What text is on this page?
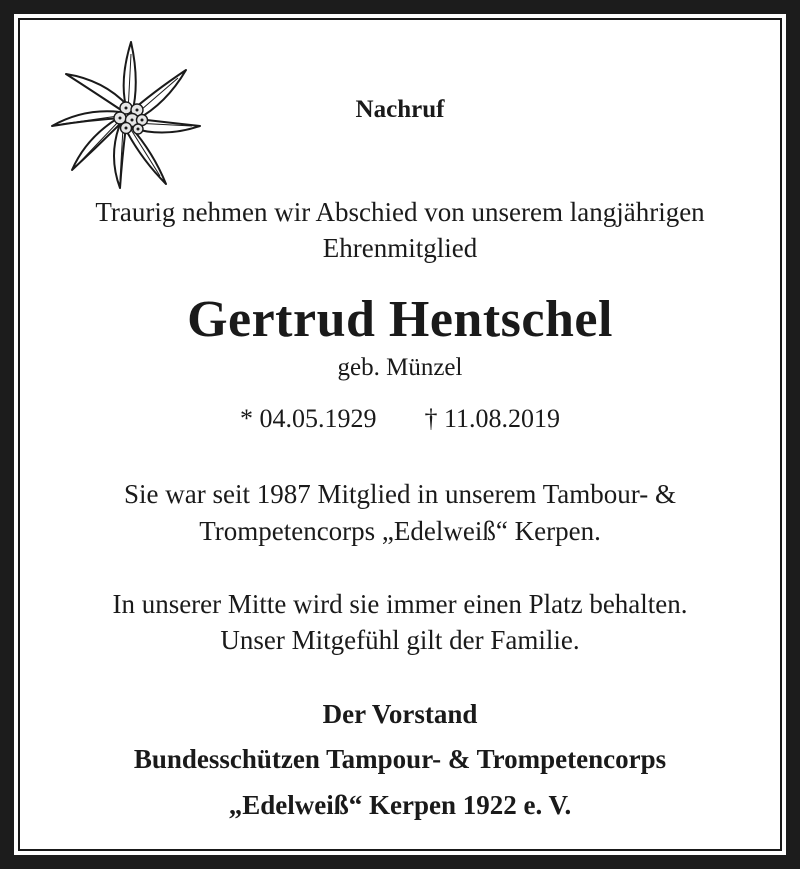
Nachruf
Traurig nehmen wir Abschied von unserem langjährigen
Ehrenmitglied
Gertrud Hentschel
geb. Münzel
* 04.05.1929 † 11.08.2019
Sie war seit 1987 Mitglied in unserem Tambour- &
Trompetencorps „Edelweiß“ Kerpen.
In unserer Mitte wird sie immer einen Platz behalten.
Unser Mitgefühl gilt der Familie.
Der Vorstand
Bundesschützen Tampour- & Trompetencorps
„Edelweiß“ Kerpen 1922 e. V.
